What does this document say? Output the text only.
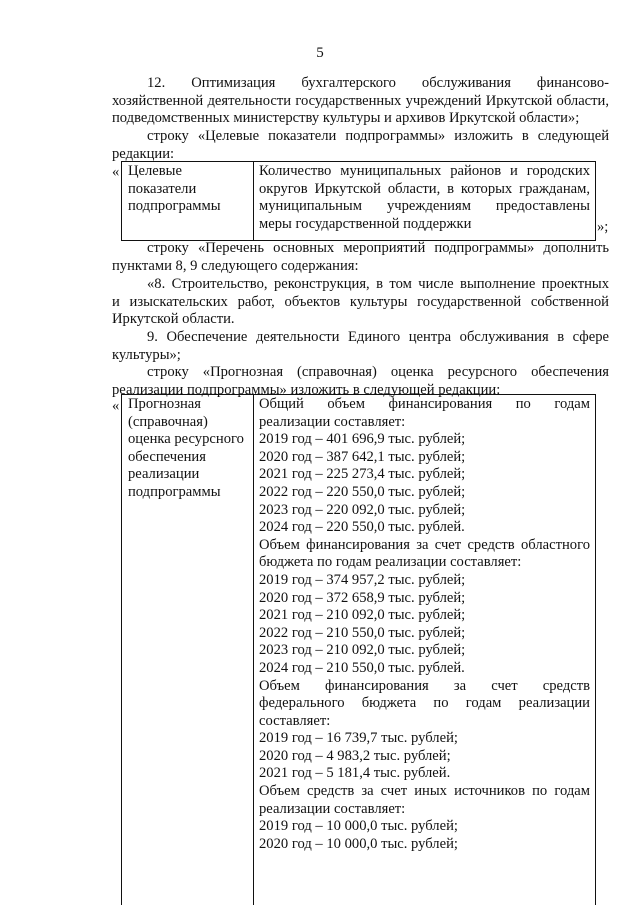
5
12.      Оптимизация      бухгалтерского      обслуживания      финансово-
хозяйственной деятельности государственных учреждений Иркутской области,
подведомственных министерству культуры и архивов Иркутской области»;
строку «Целевые показатели подпрограммы» изложить в следующей
редакции:
« Целевые
показатели
подпрограммы
Количество муниципальных районов и городских
округов Иркутской области, в которых гражданам,
муниципальным учреждениям предоставлены
меры государственной поддержки	»;
строку «Перечень основных мероприятий подпрограммы» дополнить
пунктами 8, 9 следующего содержания:
«8. Строительство, реконструкция, в том числе выполнение проектных
и изыскательских работ, объектов культуры государственной собственной
Иркутской области.
9. Обеспечение деятельности Единого центра обслуживания в сфере
культуры»;
строку «Прогнозная (справочная) оценка ресурсного обеспечения
реализации подпрограммы» изложить в следующей редакции:
« Прогнозная
(справочная)
оценка ресурсного
обеспечения
реализации
подпрограммы
Общий объем финансирования по годам
реализации составляет:
2019 год – 401 696,9 тыс. рублей;
2020 год – 387 642,1 тыс. рублей;
2021 год – 225 273,4 тыс. рублей;
2022 год – 220 550,0 тыс. рублей;
2023 год – 220 092,0 тыс. рублей;
2024 год – 220 550,0 тыс. рублей.
Объем финансирования за счет средств областного
бюджета по годам реализации составляет:
2019 год – 374 957,2 тыс. рублей;
2020 год – 372 658,9 тыс. рублей;
2021 год – 210 092,0 тыс. рублей;
2022 год – 210 550,0 тыс. рублей;
2023 год – 210 092,0 тыс. рублей;
2024 год – 210 550,0 тыс. рублей.
Объем финансирования за счет средств
федерального бюджета по годам реализации
составляет:
2019 год – 16 739,7 тыс. рублей;
2020 год – 4 983,2 тыс. рублей;
2021 год – 5 181,4 тыс. рублей.
Объем средств за счет иных источников по годам
реализации составляет:
2019 год – 10 000,0 тыс. рублей;
2020 год – 10 000,0 тыс. рублей;
